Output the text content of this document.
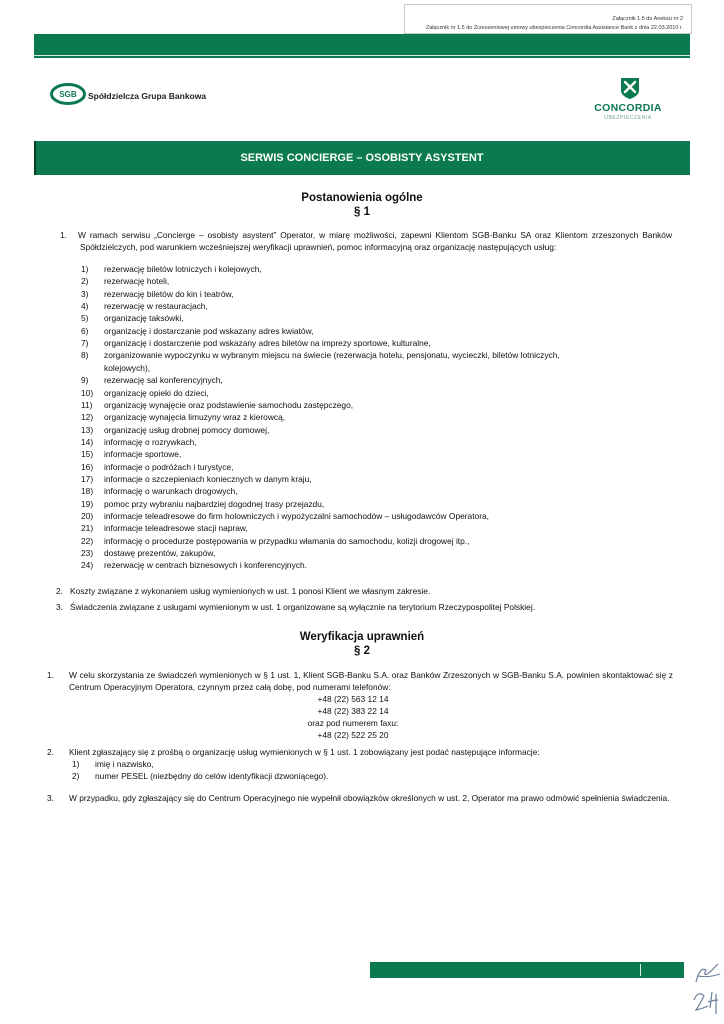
Załącznik 1.5 do Aneksu nr 2
Załącznik nr 1.5 do Zrzeszeniowej umowy ubezpieczenia Concordia Assistance Bank z dnia 22.03.2010 r.
SGB Spółdzielcza Grupa Bankowa
CONCORDIA
UBEZPIECZENIA
SERWIS CONCIERGE – OSOBISTY ASYSTENT
Postanowienia ogólne
§ 1
1. W ramach serwisu „Concierge – osobisty asystent” Operator, w miarę możliwości, zapewni Klientom SGB-Banku SA oraz Klientom zrzeszonych Banków Spółdzielczych, pod warunkiem wcześniejszej weryfikacji uprawnień, pomoc informacyjną oraz organizację następujących usług:
1) rezerwację biletów lotniczych i kolejowych,
2) rezerwację hoteli,
3) rezerwację biletów do kin i teatrów,
4) rezerwację w restauracjach,
5) organizację taksówki,
6) organizację i dostarczanie pod wskazany adres kwiatów,
7) organizację i dostarczenie pod wskazany adres biletów na imprezy sportowe, kulturalne,
8) zorganizowanie wypoczynku w wybranym miejscu na świecie (rezerwacja hotelu, pensjonatu, wycieczki, biletów lotniczych,
kolejowych),
9) rezerwację sal konferencyjnych,
10) organizację opieki do dzieci,
11) organizację wynajęcie oraz podstawienie samochodu zastępczego,
12) organizację wynajęcia limuzyny wraz z kierowcą,
13) organizację usług drobnej pomocy domowej,
14) informację o rozrywkach,
15) informacje sportowe,
16) informacje o podróżach i turystyce,
17) informacje o szczepieniach koniecznych w danym kraju,
18) informację o warunkach drogowych,
19) pomoc przy wybraniu najbardziej dogodnej trasy przejazdu,
20) informacje teleadresowe do firm holowniczych i wypożyczalni samochodów – usługodawców Operatora,
21) informacje teleadresowe stacji napraw,
22) informację o procedurze postępowania w przypadku włamania do samochodu, kolizji drogowej itp.,
23) dostawę prezentów, zakupów,
24) rezerwację w centrach biznesowych i konferencyjnych.
2. Koszty związane z wykonaniem usług wymienionych w ust. 1 ponosi Klient we własnym zakresie.
3. Świadczenia związane z usługami wymienionym w ust. 1 organizowane są wyłącznie na terytorium Rzeczypospolitej Polskiej.
Weryfikacja uprawnień
§ 2
1. W celu skorzystania ze świadczeń wymienionych w § 1 ust. 1, Klient SGB-Banku S.A. oraz Banków Zrzeszonych w SGB-Banku S.A. powinien skontaktować się z Centrum Operacyjnym Operatora, czynnym przez całą dobę, pod numerami telefonów:
+48 (22) 563 12 14
+48 (22) 383 22 14
oraz pod numerem faxu:
+48 (22) 522 25 20
2. Klient zgłaszający się z prośbą o organizację usług wymienionych w § 1 ust. 1 zobowiązany jest podać następujące informacje:
1) imię i nazwisko,
2) numer PESEL (niezbędny do celów identyfikacji dzwoniącego).
3. W przypadku, gdy zgłaszający się do Centrum Operacyjnego nie wypełnił obowiązków określonych w ust. 2, Operator ma prawo odmówić spełnienia świadczenia.
